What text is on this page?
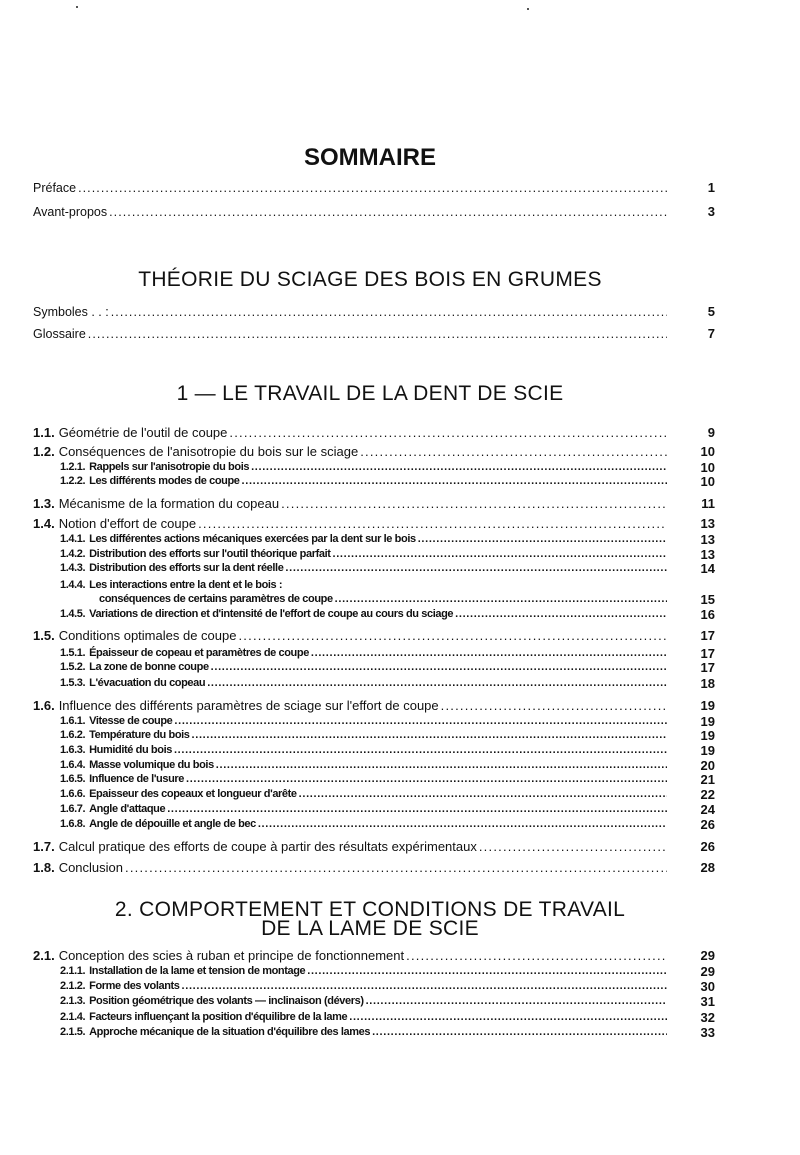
SOMMAIRE
THÉORIE DU SCIAGE DES BOIS EN GRUMES
1 — LE TRAVAIL DE LA DENT DE SCIE
2. COMPORTEMENT ET CONDITIONS DE TRAVAIL
DE LA LAME DE SCIE
Préface . . .	1
Avant-propos . . .	3
Symboles . . : . . .	5
Glossaire . . .	7
1.1. Géométrie de l'outil de coupe . . .	9
1.2. Conséquences de l'anisotropie du bois sur le sciage . . .	10
1.2.1. Rappels sur l'anisotropie du bois . . .	10
1.2.2. Les différents modes de coupe . . .	10
1.3. Mécanisme de la formation du copeau . . .	11
1.4. Notion d'effort de coupe . . .	13
1.4.1. Les différentes actions mécaniques exercées par la dent sur le bois . . .	13
1.4.2. Distribution des efforts sur l'outil théorique parfait . . .	13
1.4.3. Distribution des efforts sur la dent réelle . . .	14
1.4.4. Les interactions entre la dent et le bois :
conséquences de certains paramètres de coupe . . .	15
1.4.5. Variations de direction et d'intensité de l'effort de coupe au cours du sciage . . .	16
1.5. Conditions optimales de coupe . . .	17
1.5.1. Épaisseur de copeau et paramètres de coupe . . .	17
1.5.2. La zone de bonne coupe . . .	17
1.5.3. L'évacuation du copeau . . .	18
1.6. Influence des différents paramètres de sciage sur l'effort de coupe . . .	19
1.6.1. Vitesse de coupe . . .	19
1.6.2. Température du bois . . .	19
1.6.3. Humidité du bois . . .	19
1.6.4. Masse volumique du bois . . .	20
1.6.5. Influence de l'usure . . .	21
1.6.6. Epaisseur des copeaux et longueur d'arête . . .	22
1.6.7. Angle d'attaque . . .	24
1.6.8. Angle de dépouille et angle de bec . . .	26
1.7. Calcul pratique des efforts de coupe à partir des résultats expérimentaux . . .	26
1.8. Conclusion . . .	28
2.1. Conception des scies à ruban et principe de fonctionnement . . .	29
2.1.1. Installation de la lame et tension de montage . . .	29
2.1.2. Forme des volants . . .	30
2.1.3. Position géométrique des volants — inclinaison (dévers) . . .	31
2.1.4. Facteurs influençant la position d'équilibre de la lame . . .	32
2.1.5. Approche mécanique de la situation d'équilibre des lames . . .	33
